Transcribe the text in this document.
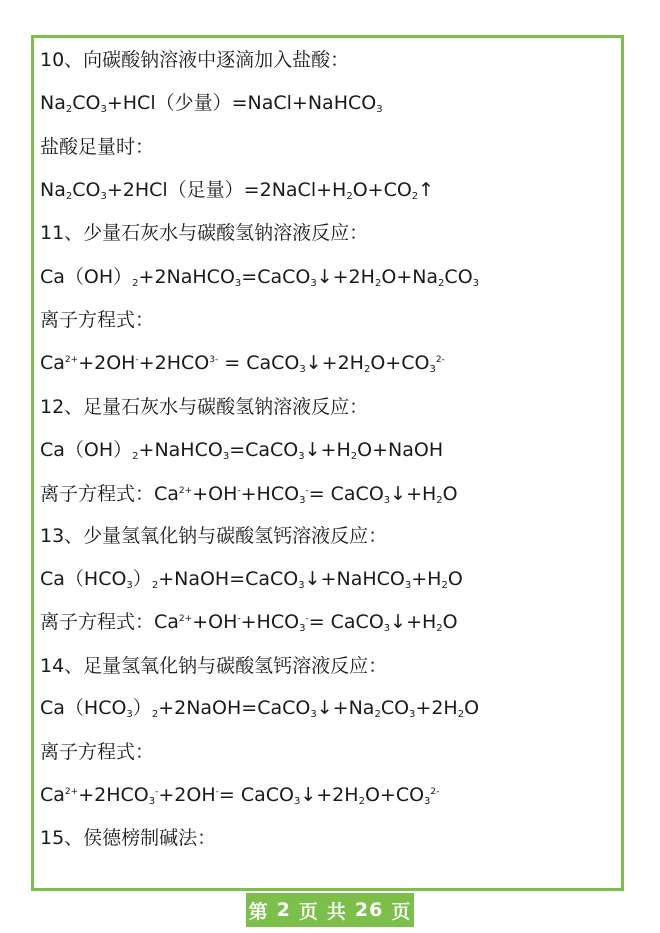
10、向碳酸钠溶液中逐滴加入盐酸：
$Na_2CO_3+HCl$（少量）=NaCl+NaHCO$_3$
盐酸足量时：
$Na_2CO_3+2HCl$（足量）$=2NaCl+H_2O+CO_2↑$
11、少量石灰水与碳酸氢钠溶液反应：
$Ca(OH)_2+2NaHCO_3=CaCO_3↓+2H_2O+Na_2CO_3$
离子方程式：
$Ca^{2+}+2OH^-+2HCO^{3-}$ = $CaCO_3↓+2H_2O+CO_3^{2-}$
12、足量石灰水与碳酸氢钠溶液反应：
$Ca(OH)_2+NaHCO_3=CaCO_3↓+H_2O+NaOH$
离子方程式：$Ca^{2+}+OH^-+HCO_3^-=$ $CaCO_3↓+H_2O$
13、少量氢氧化钠与碳酸氢钙溶液反应：
$Ca(HCO_3)_2+NaOH=CaCO_3↓+NaHCO_3+H_2O$
离子方程式：$Ca^{2+}+OH^-+HCO_3^-=$ $CaCO_3↓+H_2O$
14、足量氢氧化钠与碳酸氢钙溶液反应：
$Ca(HCO_3)_2+2NaOH=CaCO_3↓+Na_2CO_3+2H_2O$
离子方程式：
$Ca^{2+}+2HCO_3^-+2OH^-=$ $CaCO_3↓+2H_2O+CO_3^{2-}$
15、侯德榜制碱法：
第 2 页 共 26 页
